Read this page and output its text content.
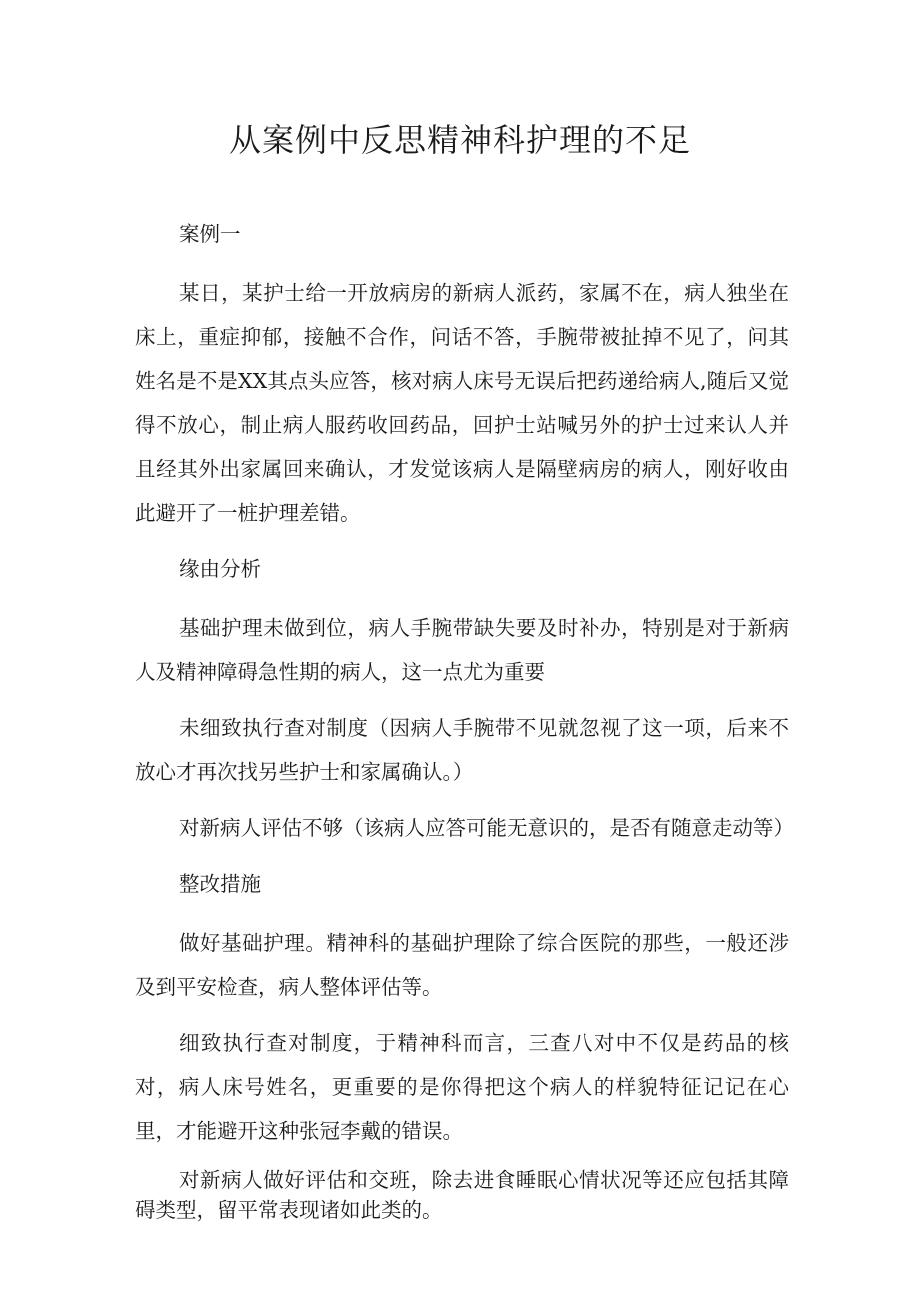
从案例中反思精神科护理的不足

案例一

某日，某护士给一开放病房的新病人派药，家属不在，病人独坐在床上，重症抑郁，接触不合作，问话不答，手腕带被扯掉不见了，问其姓名是不是XX其点头应答，核对病人床号无误后把药递给病人,随后又觉得不放心，制止病人服药收回药品，回护士站喊另外的护士过来认人并且经其外出家属回来确认，才发觉该病人是隔壁病房的病人，刚好收由此避开了一桩护理差错。

缘由分析

基础护理未做到位，病人手腕带缺失要及时补办，特别是对于新病人及精神障碍急性期的病人，这一点尤为重要

未细致执行查对制度（因病人手腕带不见就忽视了这一项，后来不放心才再次找另些护士和家属确认。）

对新病人评估不够（该病人应答可能无意识的，是否有随意走动等）

整改措施

做好基础护理。精神科的基础护理除了综合医院的那些，一般还涉及到平安检查，病人整体评估等。

细致执行查对制度，于精神科而言，三查八对中不仅是药品的核对，病人床号姓名，更重要的是你得把这个病人的样貌特征记记在心里，才能避开这种张冠李戴的错误。

对新病人做好评估和交班，除去进食睡眠心情状况等还应包括其障碍类型，留平常表现诸如此类的。
